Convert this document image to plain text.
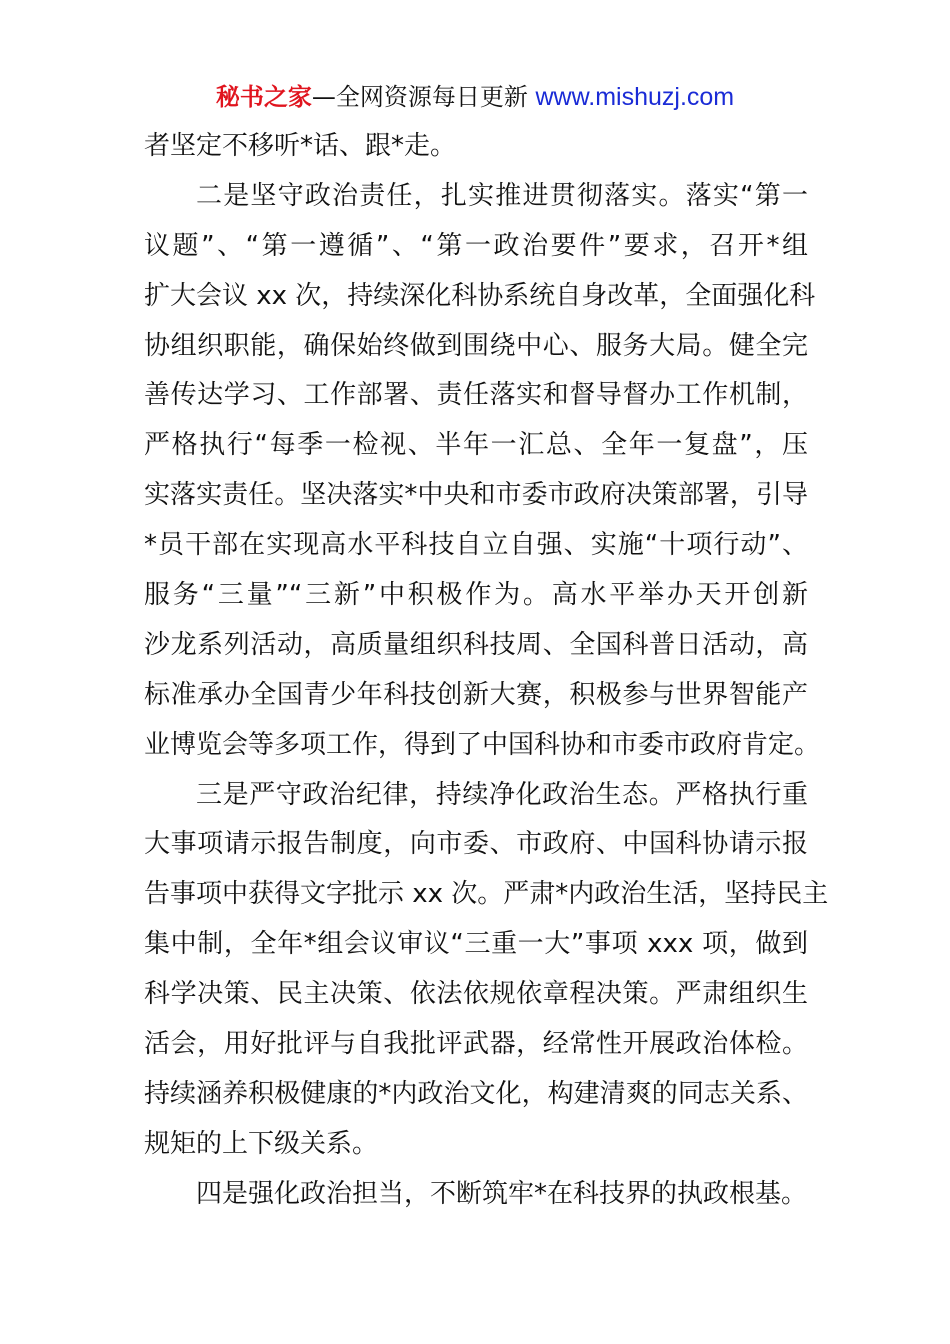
秘书之家—全网资源每日更新 www.mishuzj.com
者坚定不移听*话、跟*走。
二是坚守政治责任，扎实推进贯彻落实。落实“第一
议题”、“第一遵循”、“第一政治要件”要求，召开*组
扩大会议 xx 次，持续深化科协系统自身改革，全面强化科
协组织职能，确保始终做到围绕中心、服务大局。健全完
善传达学习、工作部署、责任落实和督导督办工作机制，
严格执行“每季一检视、半年一汇总、全年一复盘”，压
实落实责任。坚决落实*中央和市委市政府决策部署，引导
*员干部在实现高水平科技自立自强、实施“十项行动”、
服务“三量”“三新”中积极作为。高水平举办天开创新
沙龙系列活动，高质量组织科技周、全国科普日活动，高
标准承办全国青少年科技创新大赛，积极参与世界智能产
业博览会等多项工作，得到了中国科协和市委市政府肯定。
三是严守政治纪律，持续净化政治生态。严格执行重
大事项请示报告制度，向市委、市政府、中国科协请示报
告事项中获得文字批示 xx 次。严肃*内政治生活，坚持民主
集中制，全年*组会议审议“三重一大”事项 xxx 项，做到
科学决策、民主决策、依法依规依章程决策。严肃组织生
活会，用好批评与自我批评武器，经常性开展政治体检。
持续涵养积极健康的*内政治文化，构建清爽的同志关系、
规矩的上下级关系。
四是强化政治担当，不断筑牢*在科技界的执政根基。
